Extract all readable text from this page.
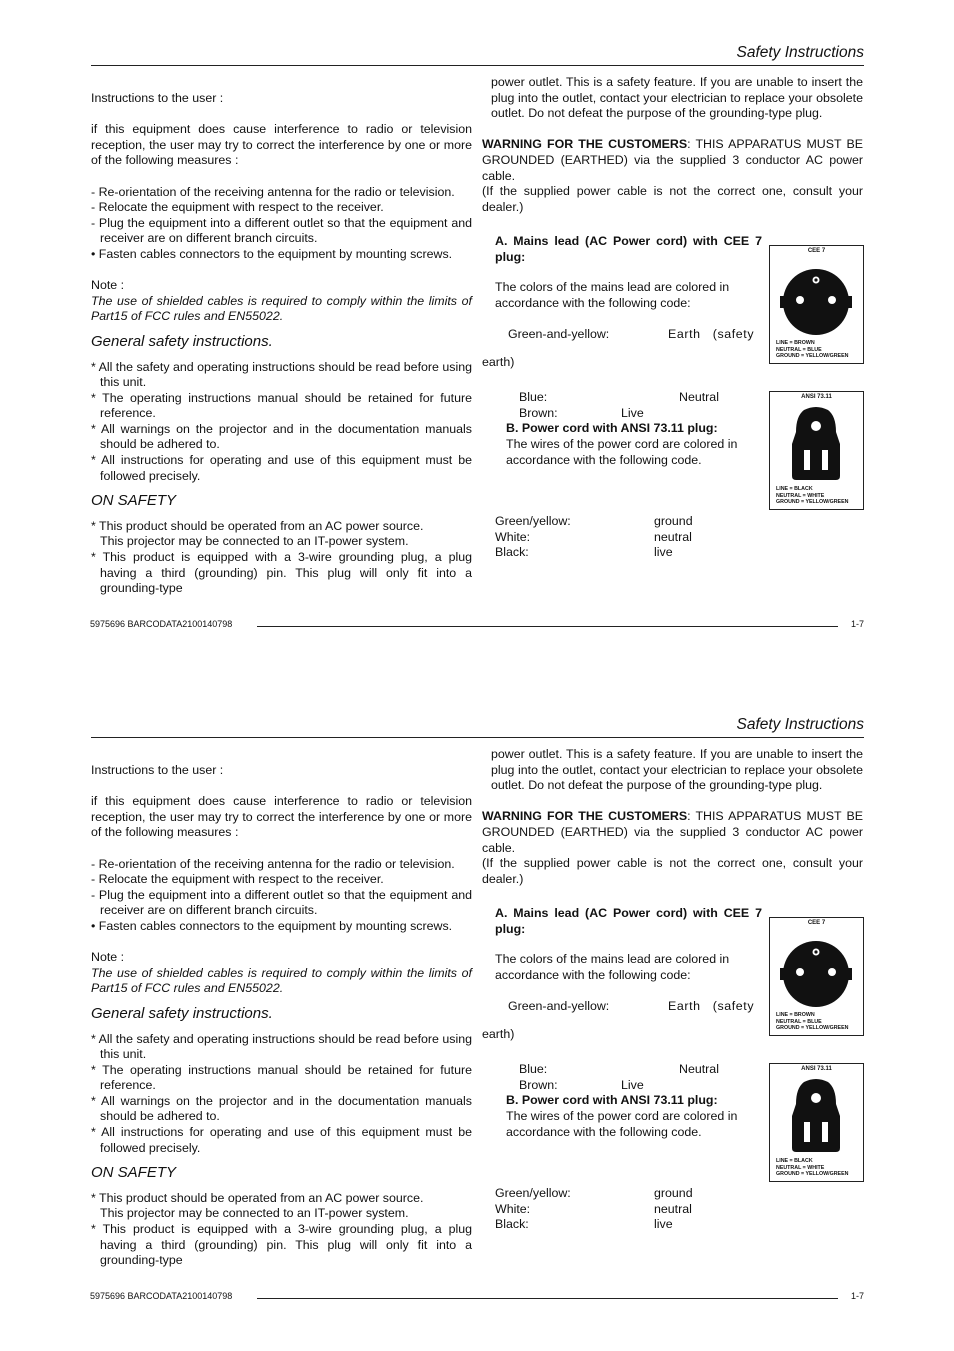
Safety Instructions

Instructions to the user :

if this equipment does cause interference to radio or television reception, the user may try to correct the interference by one or more of the following measures :

- Re-orientation of the receiving antenna for the radio or television.

- Relocate the equipment with respect to the receiver.

- Plug the equipment into a different outlet so that the equipment and receiver are on different branch circuits.

• Fasten cables connectors to the equipment by mounting screws.

Note :

The use of shielded cables is required to comply within the limits of Part15 of FCC rules and EN55022.

General safety instructions.

* All the safety and operating instructions should be read before using this unit.

* The operating instructions manual should be retained for future reference.

* All warnings on the projector and in the documentation manuals should be adhered to.

* All instructions for operating and use of this equipment must be followed precisely.

ON SAFETY

* This product should be operated from an AC power source.

This projector may be connected to an IT-power system.

* This product is equipped with a 3-wire grounding plug, a plug having a third (grounding) pin. This plug will only fit into a grounding-type

power outlet. This is a safety feature. If you are unable to insert the plug into the outlet, contact your electrician to replace your obsolete outlet. Do not defeat the purpose of the grounding-type plug.

WARNING FOR THE CUSTOMERS: THIS APPARATUS MUST BE GROUNDED (EARTHED) via the supplied 3 conductor AC power cable.

(If the supplied power cable is not the correct one, consult your dealer.)

A. Mains lead (AC Power cord) with CEE 7 plug:
The colors of the mains lead are colored in accordance with the following code:
Green-and-yellow:	Earth   (safety
earth)
Blue:	Neutral
Brown:	Live
B. Power cord with ANSI 73.11 plug:
The wires of the power cord are colored in accordance with the following code.
Green/yellow:	ground
White:	neutral
Black:	live
CEE 7
LINE = BROWN
NEUTRAL = BLUE
GROUND = YELLOW/GREEN
ANSI 73.11
LINE = BLACK
NEUTRAL = WHITE
GROUND = YELLOW/GREEN
5975696 BARCODATA2100140798	1-7
Safety Instructions

Instructions to the user :

if this equipment does cause interference to radio or television reception, the user may try to correct the interference by one or more of the following measures :

- Re-orientation of the receiving antenna for the radio or television.

- Relocate the equipment with respect to the receiver.

- Plug the equipment into a different outlet so that the equipment and receiver are on different branch circuits.

• Fasten cables connectors to the equipment by mounting screws.

Note :

The use of shielded cables is required to comply within the limits of Part15 of FCC rules and EN55022.

General safety instructions.

* All the safety and operating instructions should be read before using this unit.

* The operating instructions manual should be retained for future reference.

* All warnings on the projector and in the documentation manuals should be adhered to.

* All instructions for operating and use of this equipment must be followed precisely.

ON SAFETY

* This product should be operated from an AC power source.

This projector may be connected to an IT-power system.

* This product is equipped with a 3-wire grounding plug, a plug having a third (grounding) pin. This plug will only fit into a grounding-type

power outlet. This is a safety feature. If you are unable to insert the plug into the outlet, contact your electrician to replace your obsolete outlet. Do not defeat the purpose of the grounding-type plug.

WARNING FOR THE CUSTOMERS: THIS APPARATUS MUST BE GROUNDED (EARTHED) via the supplied 3 conductor AC power cable.

(If the supplied power cable is not the correct one, consult your dealer.)

A. Mains lead (AC Power cord) with CEE 7 plug:
The colors of the mains lead are colored in accordance with the following code:
Green-and-yellow:	Earth   (safety
earth)
Blue:	Neutral
Brown:	Live
B. Power cord with ANSI 73.11 plug:
The wires of the power cord are colored in accordance with the following code.
Green/yellow:	ground
White:	neutral
Black:	live
CEE 7
LINE = BROWN
NEUTRAL = BLUE
GROUND = YELLOW/GREEN
ANSI 73.11
LINE = BLACK
NEUTRAL = WHITE
GROUND = YELLOW/GREEN
5975696 BARCODATA2100140798	1-7
